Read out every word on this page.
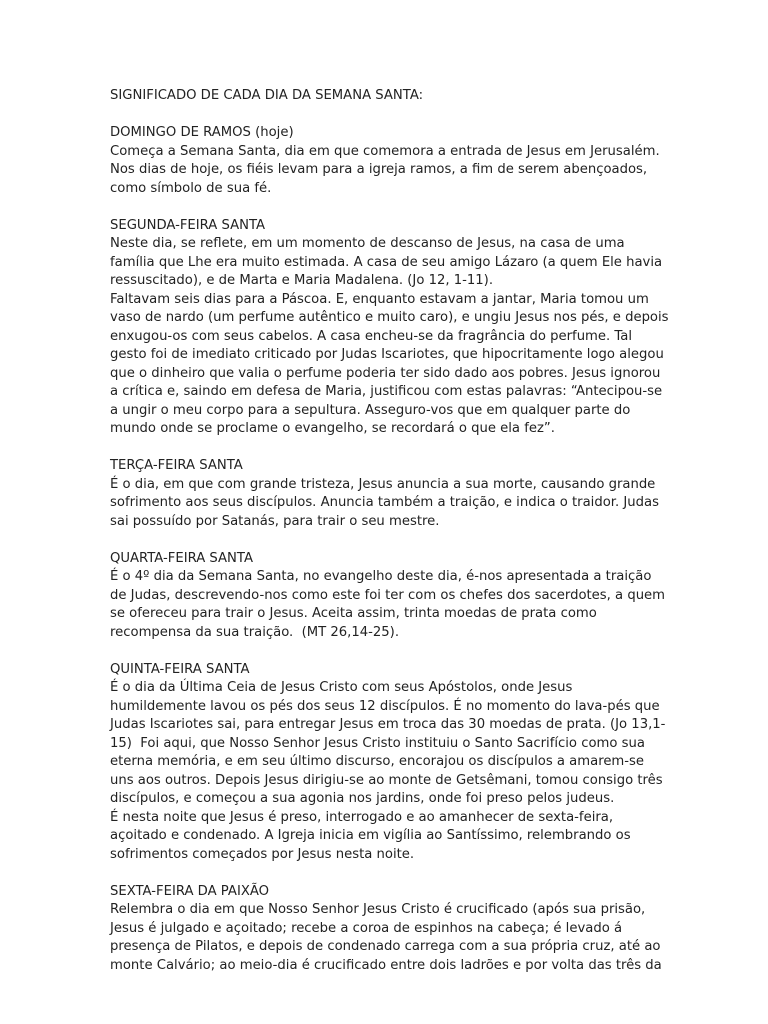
SIGNIFICADO DE CADA DIA DA SEMANA SANTA:
DOMINGO DE RAMOS (hoje)
Começa a Semana Santa, dia em que comemora a entrada de Jesus em Jerusalém.
Nos dias de hoje, os fiéis levam para a igreja ramos, a fim de serem abençoados,
como símbolo de sua fé.
SEGUNDA-FEIRA SANTA
Neste dia, se reflete, em um momento de descanso de Jesus, na casa de uma
família que Lhe era muito estimada. A casa de seu amigo Lázaro (a quem Ele havia
ressuscitado), e de Marta e Maria Madalena. (Jo 12, 1-11).
Faltavam seis dias para a Páscoa. E, enquanto estavam a jantar, Maria tomou um
vaso de nardo (um perfume autêntico e muito caro), e ungiu Jesus nos pés, e depois
enxugou-os com seus cabelos. A casa encheu-se da fragrância do perfume. Tal
gesto foi de imediato criticado por Judas Iscariotes, que hipocritamente logo alegou
que o dinheiro que valia o perfume poderia ter sido dado aos pobres. Jesus ignorou
a crítica e, saindo em defesa de Maria, justificou com estas palavras: “Antecipou-se
a ungir o meu corpo para a sepultura. Asseguro-vos que em qualquer parte do
mundo onde se proclame o evangelho, se recordará o que ela fez”.
TERÇA-FEIRA SANTA
É o dia, em que com grande tristeza, Jesus anuncia a sua morte, causando grande
sofrimento aos seus discípulos. Anuncia também a traição, e indica o traidor. Judas
sai possuído por Satanás, para trair o seu mestre.
QUARTA-FEIRA SANTA
É o 4º dia da Semana Santa, no evangelho deste dia, é-nos apresentada a traição
de Judas, descrevendo-nos como este foi ter com os chefes dos sacerdotes, a quem
se ofereceu para trair o Jesus. Aceita assim, trinta moedas de prata como
recompensa da sua traição.  (MT 26,14-25).
QUINTA-FEIRA SANTA
É o dia da Última Ceia de Jesus Cristo com seus Apóstolos, onde Jesus
humildemente lavou os pés dos seus 12 discípulos. É no momento do lava-pés que
Judas Iscariotes sai, para entregar Jesus em troca das 30 moedas de prata. (Jo 13,1-
15)  Foi aqui, que Nosso Senhor Jesus Cristo instituiu o Santo Sacrifício como sua
eterna memória, e em seu último discurso, encorajou os discípulos a amarem-se
uns aos outros. Depois Jesus dirigiu-se ao monte de Getsêmani, tomou consigo três
discípulos, e começou a sua agonia nos jardins, onde foi preso pelos judeus.
É nesta noite que Jesus é preso, interrogado e ao amanhecer de sexta-feira,
açoitado e condenado. A Igreja inicia em vigília ao Santíssimo, relembrando os
sofrimentos começados por Jesus nesta noite.
SEXTA-FEIRA DA PAIXÃO
Relembra o dia em que Nosso Senhor Jesus Cristo é crucificado (após sua prisão,
Jesus é julgado e açoitado; recebe a coroa de espinhos na cabeça; é levado á
presença de Pilatos, e depois de condenado carrega com a sua própria cruz, até ao
monte Calvário; ao meio-dia é crucificado entre dois ladrões e por volta das três da
